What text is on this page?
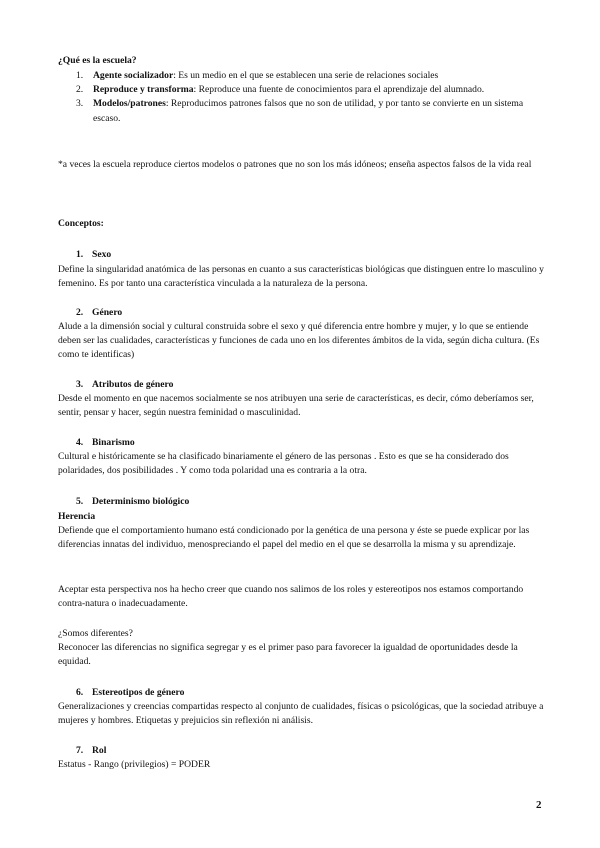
¿Qué es la escuela?

1. Agente socializador: Es un medio en el que se establecen una serie de relaciones sociales

2. Reproduce y transforma: Reproduce una fuente de conocimientos para el aprendizaje del alumnado.

3. Modelos/patrones: Reproducimos patrones falsos que no son de utilidad, y por tanto se convierte en un sistema escaso.

*a veces la escuela reproduce ciertos modelos o patrones que no son los más idóneos; enseña aspectos falsos de la vida real

Conceptos:

1. Sexo

Define la singularidad anatómica de las personas en cuanto a sus características biológicas que distinguen entre lo masculino y femenino. Es por tanto una característica vinculada a la naturaleza de la persona.

2. Género

Alude a la dimensión social y cultural construida sobre el sexo y qué diferencia entre hombre y mujer, y lo que se entiende deben ser las cualidades, características y funciones de cada uno en los diferentes ámbitos de la vida, según dicha cultura. (Es como te identificas)

3. Atributos de género

Desde el momento en que nacemos socialmente se nos atribuyen una serie de características, es decir, cómo deberíamos ser, sentir, pensar y hacer, según nuestra feminidad o masculinidad.

4. Binarismo

Cultural e históricamente se ha clasificado binariamente el género de las personas . Esto es que se ha considerado dos polaridades, dos posibilidades . Y como toda polaridad una es contraria a la otra.

5. Determinismo biológico

Herencia

Defiende que el comportamiento humano está condicionado por la genética de una persona y éste se puede explicar por las diferencias innatas del individuo, menospreciando el papel del medio en el que se desarrolla la misma y su aprendizaje.

Aceptar esta perspectiva nos ha hecho creer que cuando nos salimos de los roles y estereotipos nos estamos comportando contra-natura o inadecuadamente.

¿Somos diferentes?

Reconocer las diferencias no significa segregar y es el primer paso para favorecer la igualdad de oportunidades desde la equidad.

6. Estereotipos de género

Generalizaciones y creencias compartidas respecto al conjunto de cualidades, físicas o psicológicas, que la sociedad atribuye a mujeres y hombres. Etiquetas y prejuicios sin reflexión ni análisis.

7. Rol

Estatus - Rango (privilegios) = PODER

2
